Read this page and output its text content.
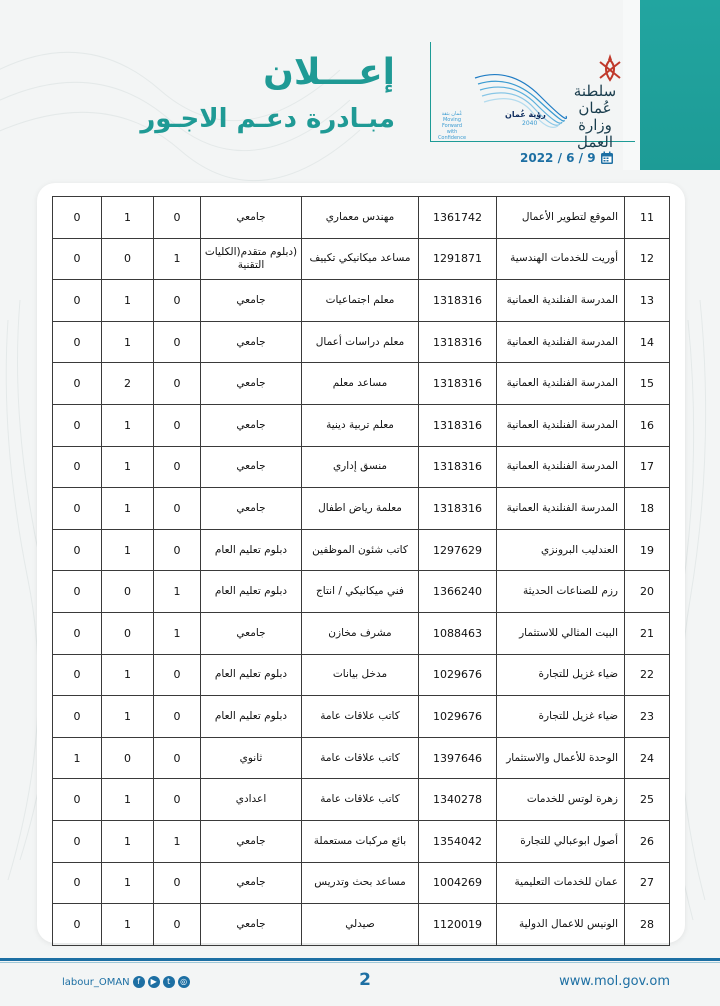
سلطنة عُمان
وزارة العمل
رؤية عُمان
2040
عُمان بثقة Moving Forward with Confidence
إعـــلان
مبـادرة دعـم الاجـور
2022 / 6 / 9
11	الموقع لتطوير الأعمال	1361742	مهندس معماري	جامعي	0	1	0
12	أوريت للخدمات الهندسية	1291871	مساعد ميكانيكي تكييف	(دبلوم متقدم(الكليات التقنية	1	0	0
13	المدرسة الفنلندية العمانية	1318316	معلم اجتماعيات	جامعي	0	1	0
14	المدرسة الفنلندية العمانية	1318316	معلم دراسات أعمال	جامعي	0	1	0
15	المدرسة الفنلندية العمانية	1318316	مساعد معلم	جامعي	0	2	0
16	المدرسة الفنلندية العمانية	1318316	معلم تربية دينية	جامعي	0	1	0
17	المدرسة الفنلندية العمانية	1318316	منسق إداري	جامعي	0	1	0
18	المدرسة الفنلندية العمانية	1318316	معلمة رياض اطفال	جامعي	0	1	0
19	العندليب البرونزي	1297629	كاتب شئون الموظفين	دبلوم تعليم العام	0	1	0
20	رزم للصناعات الحديثة	1366240	فني ميكانيكي / انتاج	دبلوم تعليم العام	1	0	0
21	البيت المثالي للاستثمار	1088463	مشرف مخازن	جامعي	1	0	0
22	ضياء غزيل للتجارة	1029676	مدخل بيانات	دبلوم تعليم العام	0	1	0
23	ضياء غزيل للتجارة	1029676	كاتب علاقات عامة	دبلوم تعليم العام	0	1	0
24	الوحدة للأعمال والاستثمار	1397646	كاتب علاقات عامة	ثانوي	0	0	1
25	زهرة لوتس للخدمات	1340278	كاتب علاقات عامة	اعدادي	0	1	0
26	أصول ابوعبالي للتجارة	1354042	بائع مركبات مستعملة	جامعي	1	1	0
27	عمان للخدمات التعليمية	1004269	مساعد بحث وتدريس	جامعي	0	1	0
28	الونيس للاعمال الدولية	1120019	صيدلي	جامعي	0	1	0
labour_OMAN f	▶	t	◎	2	www.mol.gov.om
